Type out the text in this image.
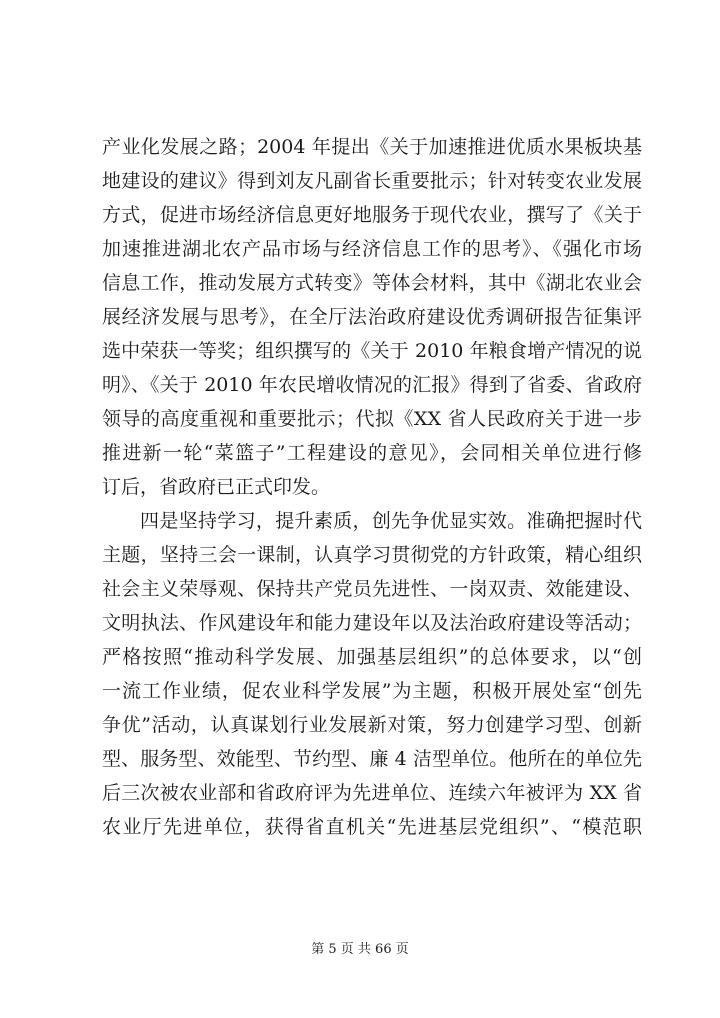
产业化发展之路；2004 年提出《关于加速推进优质水果板块基
地建设的建议》得到刘友凡副省长重要批示；针对转变农业发展
方式，促进市场经济信息更好地服务于现代农业，撰写了《关于
加速推进湖北农产品市场与经济信息工作的思考》、《强化市场
信息工作，推动发展方式转变》等体会材料，其中《湖北农业会
展经济发展与思考》，在全厅法治政府建设优秀调研报告征集评
选中荣获一等奖；组织撰写的《关于 2010 年粮食增产情况的说
明》、《关于 2010 年农民增收情况的汇报》得到了省委、省政府
领导的高度重视和重要批示；代拟《XX 省人民政府关于进一步
推进新一轮“菜篮子”工程建设的意见》，会同相关单位进行修
订后，省政府已正式印发。
四是坚持学习，提升素质，创先争优显实效。准确把握时代
主题，坚持三会一课制，认真学习贯彻党的方针政策，精心组织
社会主义荣辱观、保持共产党员先进性、一岗双责、效能建设、
文明执法、作风建设年和能力建设年以及法治政府建设等活动；
严格按照“推动科学发展、加强基层组织”的总体要求，以“创
一流工作业绩，促农业科学发展”为主题，积极开展处室“创先
争优”活动，认真谋划行业发展新对策，努力创建学习型、创新
型、服务型、效能型、节约型、廉 4 洁型单位。他所在的单位先
后三次被农业部和省政府评为先进单位、连续六年被评为 XX 省
农业厅先进单位，获得省直机关“先进基层党组织”、“模范职
第 5 页 共 66 页
